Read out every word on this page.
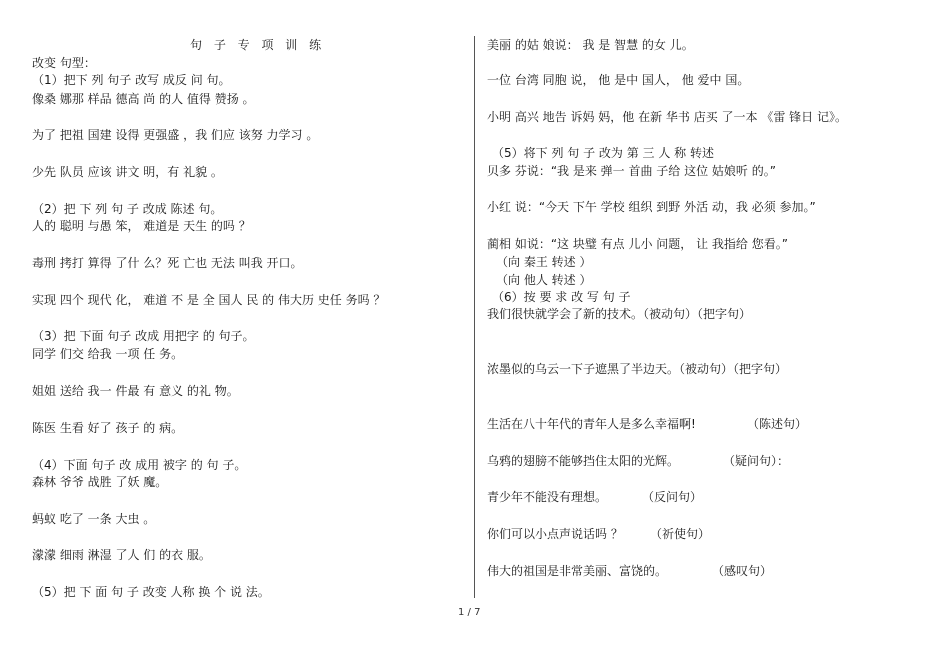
句 子 专 项 训 练
改变 句型：
（1）把下 列 句子 改写 成反 问 句。
像桑 娜那 样品 德高 尚 的人 值得 赞扬 。
为了 把祖 国建 设得 更强盛 ，我 们应 该努 力学习 。
少先 队员 应该 讲文 明，有 礼貌 。
（2）把 下 列 句 子 改成 陈述 句。
人的 聪明 与愚 笨， 难道是 天生 的吗 ？
毒刑 拷打 算得 了什 么？死 亡也 无法 叫我 开口。
实现 四个 现代 化， 难道 不 是 全 国人 民 的 伟大历 史任 务吗 ？
（3）把 下面 句子 改成 用把字 的 句子。
同学 们交 给我 一项 任 务。
姐姐 送给 我一 件最 有 意义 的礼 物。
陈医 生看 好了 孩子 的 病。
（4）下面 句子 改 成用 被字 的 句 子。
森林 爷爷 战胜 了妖 魔。
蚂蚁 吃了 一条 大虫 。
濛濛 细雨 淋湿 了人 们 的衣 服。
（5）把 下 面 句 子 改变 人称 换 个 说 法。
美丽 的姑 娘说： 我 是 智慧 的女 儿。
一位 台湾 同胞 说， 他 是中 国人， 他 爱中 国。
小明 高兴 地告 诉妈 妈，他 在新 华书 店买 了一本 《雷 锋日 记》。
（5）将下 列 句 子 改为 第 三 人 称 转述
贝多 芬说：“我 是来 弹一 首曲 子给 这位 姑娘听 的。”
小红 说：“今天 下午 学校 组织 到野 外活 动，我 必须 参加。”
蔺相 如说：“这 块璧 有点 儿小 问题， 让 我指给 您看。”
（向 秦王 转述 ）
（向 他人 转述 ）
（6）按 要 求 改 写 句 子
我们很快就学会了新的技术。（被动句）（把字句）
浓墨似的乌云一下子遮黑了半边天。（被动句）（把字句）
生活在八十年代的青年人是多么幸福啊!	（陈述句）
乌鸦的翅膀不能够挡住太阳的光辉。	（疑问句）：
青少年不能没有理想。	（反问句）
你们可以小点声说话吗 ？ （祈使句）
伟大的祖国是非常美丽、富饶的。	（感叹句）
1 / 7
